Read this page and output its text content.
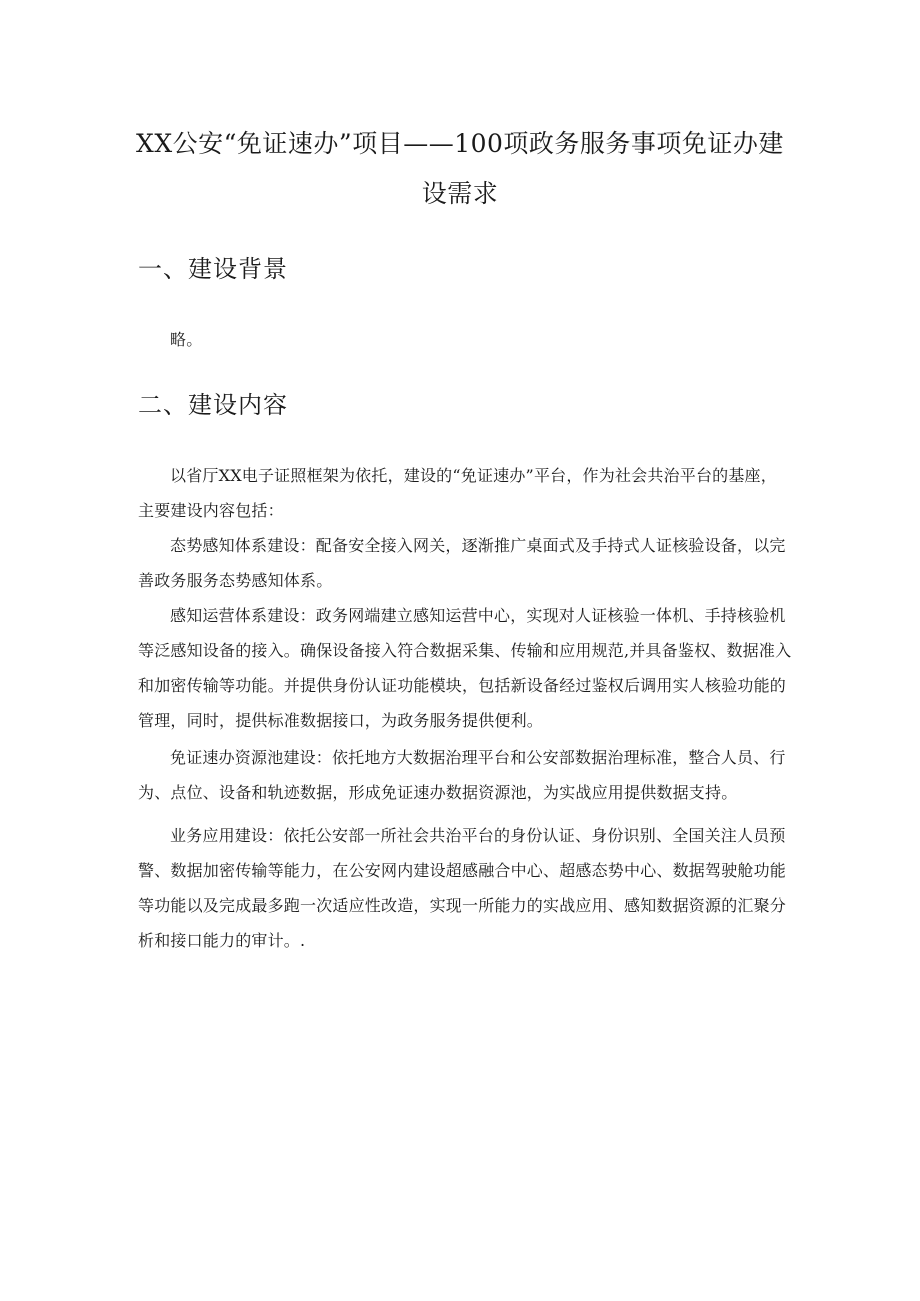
XX公安“免证速办”项目——100项政务服务事项免证办建
设需求
一、建设背景

略。

二、建设内容

以省厅XX电子证照框架为依托，建设的“免证速办”平台，作为社会共治平台的基座，
主要建设内容包括：

态势感知体系建设：配备安全接入网关，逐渐推广桌面式及手持式人证核验设备，以完
善政务服务态势感知体系。

感知运营体系建设：政务网端建立感知运营中心，实现对人证核验一体机、手持核验机
等泛感知设备的接入。确保设备接入符合数据采集、传输和应用规范,并具备鉴权、数据准入
和加密传输等功能。并提供身份认证功能模块，包括新设备经过鉴权后调用实人核验功能的
管理，同时，提供标准数据接口，为政务服务提供便利。

免证速办资源池建设：依托地方大数据治理平台和公安部数据治理标准，整合人员、行
为、点位、设备和轨迹数据，形成免证速办数据资源池，为实战应用提供数据支持。

业务应用建设：依托公安部一所社会共治平台的身份认证、身份识别、全国关注人员预
警、数据加密传输等能力，在公安网内建设超感融合中心、超感态势中心、数据驾驶舱功能
等功能以及完成最多跑一次适应性改造，实现一所能力的实战应用、感知数据资源的汇聚分
析和接口能力的审计。.
